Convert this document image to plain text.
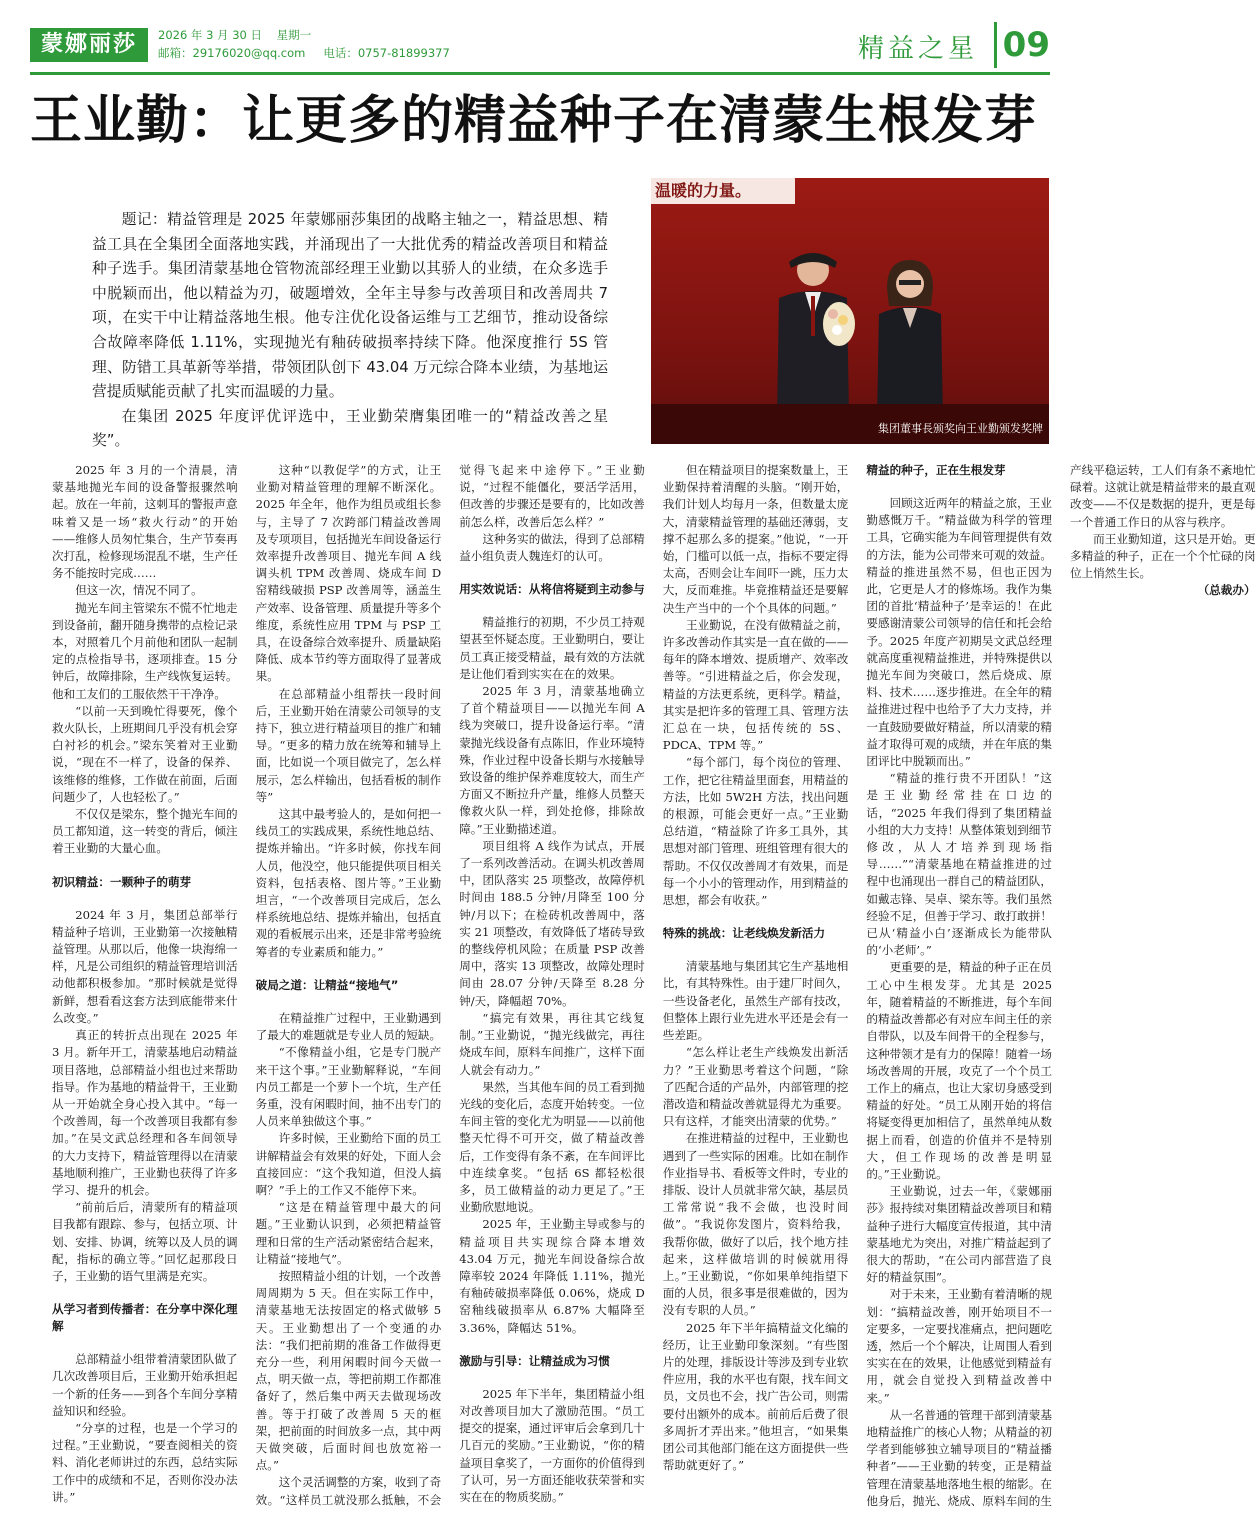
蒙娜丽莎	2026 年 3 月 30 日 星期一
邮箱：29176020@qq.com 电话：0757-81899377	精益之星 09
王业勤：让更多的精益种子在清蒙生根发芽

题记：精益管理是 2025 年蒙娜丽莎集团的战略主轴之一，精益思想、精益工具在全集团全面落地实践，并涌现出了一大批优秀的精益改善项目和精益种子选手。集团清蒙基地仓管物流部经理王业勤以其骄人的业绩，在众多选手中脱颖而出，他以精益为刃，破题增效，全年主导参与改善项目和改善周共 7 项，在实干中让精益落地生根。他专注优化设备运维与工艺细节，推动设备综合故障率降低 1.11%，实现抛光有釉砖破损率持续下降。他深度推行 5S 管理、防错工具革新等举措，带领团队创下 43.04 万元综合降本业绩，为基地运营提质赋能贡献了扎实而温暖的力量。

在集团 2025 年度评优评选中，王业勤荣膺集团唯一的“精益改善之星奖”。

温暖的力量。
集团董事長颁奖向王业勤颁发奖牌

2025 年 3 月的一个清晨，清蒙基地抛光车间的设备警报骤然响起。放在一年前，这刺耳的警报声意味着又是一场“救火行动”的开始——维修人员匆忙集合，生产节奏再次打乱，检修现场混乱不堪，生产任务不能按时完成……

但这一次，情况不同了。

抛光车间主管梁东不慌不忙地走到设备前，翻开随身携带的点检记录本，对照着几个月前他和团队一起制定的点检指导书，逐项排查。15 分钟后，故障排除，生产线恢复运转。他和工友们的工服依然干干净净。

“以前一天到晚忙得要死，像个救火队长，上班期间几乎没有机会穿白衬衫的机会。”梁东笑着对王业勤说，“现在不一样了，设备的保养、该维修的维修，工作做在前面，后面问题少了，人也轻松了。”

不仅仅是梁东，整个抛光车间的员工都知道，这一转变的背后，倾注着王业勤的大量心血。

初识精益：一颗种子的萌芽

2024 年 3 月，集团总部举行精益种子培训，王业勤第一次接触精益管理。从那以后，他像一块海绵一样，凡是公司组织的精益管理培训活动他都积极参加。“那时候就是觉得新鲜，想看看这套方法到底能带来什么改变。”

真正的转折点出现在 2025 年 3 月。新年开工，清蒙基地启动精益项目落地，总部精益小组也过来帮助指导。作为基地的精益骨干，王业勤从一开始就全身心投入其中。“每一个改善周，每一个改善项目我都有参加。”在吴文武总经理和各车间领导的大力支持下，精益管理得以在清蒙基地顺利推广，王业勤也获得了许多学习、提升的机会。

“前前后后，清蒙所有的精益项目我都有跟踪、参与，包括立项、计划、安排、协调，统筹以及人员的调配，指标的确立等。”回忆起那段日子，王业勤的语气里满是充实。

从学习者到传播者：在分享中深化理解

总部精益小组带着清蒙团队做了几次改善项目后，王业勤开始承担起一个新的任务——到各个车间分享精益知识和经验。

“分享的过程，也是一个学习的过程。”王业勤说，“要查阅相关的资料、消化老师讲过的东西，总结实际工作中的成绩和不足，否则你没办法讲。”

这种“以教促学”的方式，让王业勤对精益管理的理解不断深化。2025 年全年，他作为组员或组长参与，主导了 7 次跨部门精益改善周及专项项目，包括抛光车间设备运行效率提升改善项目、抛光车间 A 线调头机 TPM 改善周、烧成车间 D 窑精线破损 PSP 改善周等，涵盖生产效率、设备管理、质量提升等多个维度，系统性应用 TPM 与 PSP 工具，在设备综合效率提升、质量缺陷降低、成本节约等方面取得了显著成果。

在总部精益小组帮扶一段时间后，王业勤开始在清蒙公司领导的支持下，独立进行精益项目的推广和辅导。“更多的精力放在统筹和辅导上面，比如说一个项目做完了，怎么样展示，怎么样输出，包括看板的制作等”

这其中最考验人的，是如何把一线员工的实践成果，系统性地总结、提炼并输出。“许多时候，你找车间人员，他没空，他只能提供项目相关资料，包括表格、图片等。”王业勤坦言，“一个改善项目完成后，怎么样系统地总结、提炼并输出，包括直观的看板展示出来，还是非常考验统筹者的专业素质和能力。”

破局之道：让精益“接地气”

在精益推广过程中，王业勤遇到了最大的难题就是专业人员的短缺。

“不像精益小组，它是专门脱产来干这个事。”王业勤解释说，“车间内员工都是一个萝卜一个坑，生产任务重，没有闲暇时间，抽不出专门的人员来单独做这个事。”

许多时候，王业勤给下面的员工讲解精益会有效果的好处，下面人会直接回应：“这个我知道，但没人搞啊？”手上的工作又不能停下来。

“这是在精益管理中最大的问题。”王业勤认识到，必须把精益管理和日常的生产活动紧密结合起来，让精益“接地气”。

按照精益小组的计划，一个改善周周期为 5 天。但在实际工作中，清蒙基地无法按固定的格式做够 5 天。王业勤想出了一个变通的办法：“我们把前期的准备工作做得更充分一些，利用闲暇时间今天做一点，明天做一点，等把前期工作都准备好了，然后集中两天去做现场改善。等于打破了改善周 5 天的框架，把前面的时间放多一点，其中两天做突破，后面时间也放宽裕一点。”

这个灵活调整的方案，收到了奇效。“这样员工就没那么抵触，不会觉得飞起来中途停下。”王业勤说，“过程不能僵化，要活学活用，但改善的步骤还是要有的，比如改善前怎么样，改善后怎么样？”

这种务实的做法，得到了总部精益小组负责人魏连灯的认可。

用实效说话：从将信将疑到主动参与

精益推行的初期，不少员工持观望甚至怀疑态度。王业勤明白，要让员工真正接受精益，最有效的方法就是让他们看到实实在在的效果。

2025 年 3 月，清蒙基地确立了首个精益项目——以抛光车间 A 线为突破口，提升设备运行率。“清蒙抛光线设备有点陈旧，作业环境特殊，作业过程中设备长期与水接触导致设备的维护保养难度较大，而生产方面又不断拉升产量，维修人员整天像救火队一样，到处抢修，排除故障。”王业勤描述道。

项目组将 A 线作为试点，开展了一系列改善活动。在调头机改善周中，团队落实 25 项整改，故障停机时间由 188.5 分钟/月降至 100 分钟/月以下；在检砖机改善周中，落实 21 项整改，有效降低了堵砖导致的整线停机风险；在质量 PSP 改善周中，落实 13 项整改，故障处理时间由 28.07 分钟/天降至 8.28 分钟/天，降幅超 70%。

“搞完有效果，再往其它线复制。”王业勤说，“抛光线做完，再往烧成车间，原料车间推广，这样下面人就会有动力。”

果然，当其他车间的员工看到抛光线的变化后，态度开始转变。一位车间主管的变化尤为明显——以前他整天忙得不可开交，做了精益改善后，工作变得有条不紊，在车间评比中连续拿奖。“包括 6S 都轻松很多，员工做精益的动力更足了。”王业勤欣慰地说。

2025 年，王业勤主导或参与的精益项目共实现综合降本增效 43.04 万元，抛光车间设备综合故障率较 2024 年降低 1.11%，抛光有釉砖破损率降低 0.06%，烧成 D 窑釉线破损率从 6.87% 大幅降至 3.36%，降幅达 51%。

激励与引导：让精益成为习惯

2025 年下半年，集团精益小组对改善项目加大了激励范围。“员工提交的提案，通过评审后会拿到几十几百元的奖励。”王业勤说，“你的精益项目拿奖了，一方面你的价值得到了认可，另一方面还能收获荣誉和实实在在的物质奖励。”

但在精益项目的提案数量上，王业勤保持着清醒的头脑。“刚开始，我们计划人均每月一条，但数量太庞大，清蒙精益管理的基础还薄弱，支撑不起那么多的提案。”他说，“一开始，门槛可以低一点，指标不要定得太高，否则会让车间吓一跳，压力太大，反而难推。毕竟推精益还是要解决生产当中的一个个具体的问题。”

王业勤说，在没有做精益之前，许多改善动作其实是一直在做的——每年的降本增效、提质增产、效率改善等。“引进精益之后，你会发现，精益的方法更系统，更科学。精益，其实是把许多的管理工具、管理方法汇总在一块，包括传统的 5S、PDCA、TPM 等。”

“每个部门，每个岗位的管理、工作，把它往精益里面套，用精益的方法，比如 5W2H 方法，找出问题的根源，可能会更好一点。”王业勤总结道，“精益除了许多工具外，其思想对部门管理、班组管理有很大的帮助。不仅仅改善周才有效果，而是每一个小小的管理动作，用到精益的思想，都会有收获。”

特殊的挑战：让老线焕发新活力

清蒙基地与集团其它生产基地相比，有其特殊性。由于建厂时间久，一些设备老化，虽然生产部有技改，但整体上跟行业先进水平还是会有一些差距。

“怎么样让老生产线焕发出新活力？”王业勤思考着这个问题，“除了匹配合适的产品外，内部管理的挖潜改造和精益改善就显得尤为重要。只有这样，才能突出清蒙的优势。”

在推进精益的过程中，王业勤也遇到了一些实际的困难。比如在制作作业指导书、看板等文件时，专业的排版、设计人员就非常欠缺，基层员工常常说“我不会做，也没时间做”。“我说你发图片，资料给我，我帮你做，做好了以后，找个地方挂起来，这样做培训的时候就用得上。”王业勤说，“你如果单纯指望下面的人员，很多事是很难做的，因为没有专职的人员。”

2025 年下半年搞精益文化编的经历，让王业勤印象深刻。“有些图片的处理，排版设计等涉及到专业软件应用，我的水平也有限，找车间文员，文员也不会，找广告公司，则需要付出额外的成本。前前后后费了很多周折才弄出来。”他坦言，“如果集团公司其他部门能在这方面提供一些帮助就更好了。”

精益的种子，正在生根发芽

回顾这近两年的精益之旅，王业勤感慨万千。“精益做为科学的管理工具，它确实能为车间管理提供有效的方法，能为公司带来可观的效益。精益的推进虽然不易，但也正因为此，它更是人才的修炼场。我作为集团的首批‘精益种子’是幸运的！在此要感谢清蒙公司领导的信任和托会给予。2025 年度产初期吴文武总经理就高度重视精益推进，并特殊提供以抛光车间为突破口，然后烧成、原料、技术……逐步推进。在全年的精益推进过程中也给予了大力支持，并一直鼓励要做好精益，所以清蒙的精益才取得可观的成绩，并在年底的集团评比中脱颖而出。”

“精益的推行贵不开团队！”这是王业勤经常挂在口边的话，“2025 年我们得到了集团精益小组的大力支持！从整体策划到细节修改，从人才培养到现场指导……”“清蒙基地在精益推进的过程中也涌现出一群自己的精益团队，如戴志锋、吴卓、梁东等。我们虽然经验不足，但善于学习、敢打敢拼！已从‘精益小白’逐渐成长为能带队的‘小老师’。”

更重要的是，精益的种子正在员工心中生根发芽。尤其是 2025 年，随着精益的不断推进，每个车间的精益改善都必有对应车间主任的亲自带队，以及车间骨干的全程参与，这种带领才是有力的保障！随着一场场改善周的开展，攻克了一个个员工工作上的痛点，也让大家切身感受到精益的好处。“员工从刚开始的将信将疑变得更加相信了，虽然单纯从数据上而看，创造的价值并不是特别大，但工作现场的改善是明显的。”王业勤说。

王业勤说，过去一年，《蒙娜丽莎》报持续对集团精益改善项目和精益种子进行大幅度宣传报道，其中清蒙基地尤为突出，对推广精益起到了很大的帮助，“在公司内部营造了良好的精益氛围”。

对于未来，王业勤有着清晰的规划：“搞精益改善，刚开始项目不一定要多，一定要找准痛点，把问题吃透，然后一个个解决，让周围人看到实实在在的效果，让他感觉到精益有用，就会自觉投入到精益改善中来。”

从一名普通的管理干部到清蒙基地精益推广的核心人物；从精益的初学者到能够独立辅导项目的“精益播种者”——王业勤的转变，正是精益管理在清蒙基地落地生根的缩影。在他身后，抛光、烧成、原料车间的生产线平稳运转，工人们有条不紊地忙碌着。这就让就是精益带来的最直观改变——不仅是数据的提升，更是每一个普通工作日的从容与秩序。

而王业勤知道，这只是开始。更多精益的种子，正在一个个忙碌的岗位上悄然生长。

（总裁办）
